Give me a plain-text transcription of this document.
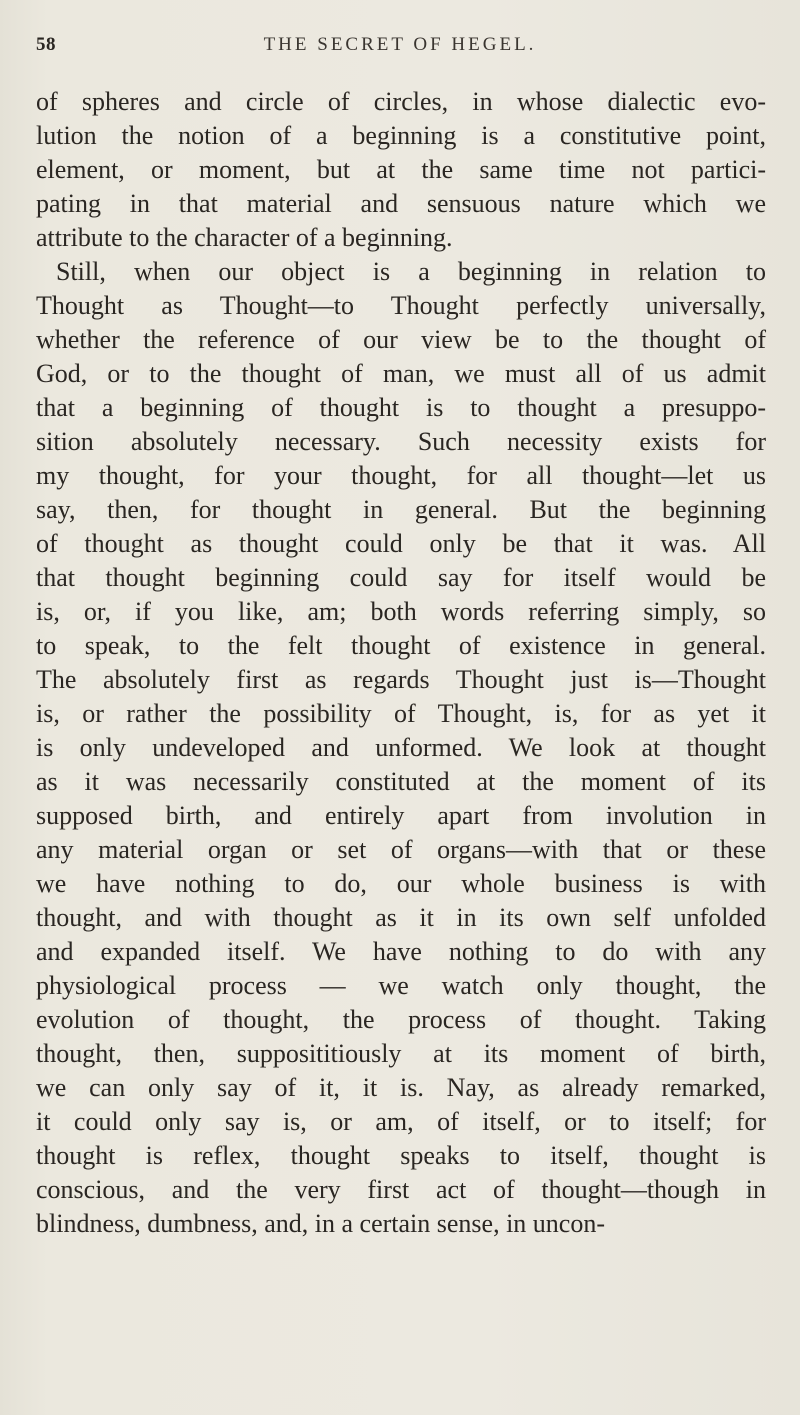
58	THE SECRET OF HEGEL.
of spheres and circle of circles, in whose dialectic evo-
lution the notion of a beginning is a constitutive point,
element, or moment, but at the same time not partici-
pating in that material and sensuous nature which we
attribute to the character of a beginning.
Still, when our object is a beginning in relation to
Thought as Thought—to Thought perfectly universally,
whether the reference of our view be to the thought of
God, or to the thought of man, we must all of us admit
that a beginning of thought is to thought a presuppo-
sition absolutely necessary. Such necessity exists for
my thought, for your thought, for all thought—let us
say, then, for thought in general. But the beginning
of thought as thought could only be that it was. All
that thought beginning could say for itself would be
is, or, if you like, am; both words referring simply, so
to speak, to the felt thought of existence in general.
The absolutely first as regards Thought just is—Thought
is, or rather the possibility of Thought, is, for as yet it
is only undeveloped and unformed. We look at thought
as it was necessarily constituted at the moment of its
supposed birth, and entirely apart from involution in
any material organ or set of organs—with that or these
we have nothing to do, our whole business is with
thought, and with thought as it in its own self unfolded
and expanded itself. We have nothing to do with any
physiological process — we watch only thought, the
evolution of thought, the process of thought. Taking
thought, then, supposititiously at its moment of birth,
we can only say of it, it is. Nay, as already remarked,
it could only say is, or am, of itself, or to itself; for
thought is reflex, thought speaks to itself, thought is
conscious, and the very first act of thought—though in
blindness, dumbness, and, in a certain sense, in uncon-
